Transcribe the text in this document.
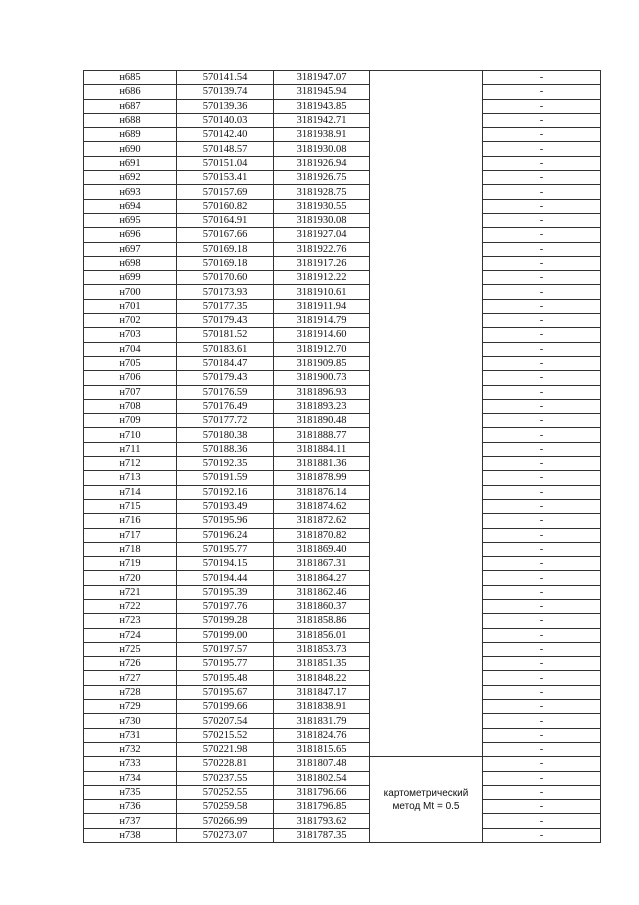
н685	570141.54	3181947.07		-
н686	570139.74	3181945.94		-
н687	570139.36	3181943.85		-
н688	570140.03	3181942.71		-
н689	570142.40	3181938.91		-
н690	570148.57	3181930.08		-
н691	570151.04	3181926.94		-
н692	570153.41	3181926.75		-
н693	570157.69	3181928.75		-
н694	570160.82	3181930.55		-
н695	570164.91	3181930.08		-
н696	570167.66	3181927.04		-
н697	570169.18	3181922.76		-
н698	570169.18	3181917.26		-
н699	570170.60	3181912.22		-
н700	570173.93	3181910.61		-
н701	570177.35	3181911.94		-
н702	570179.43	3181914.79		-
н703	570181.52	3181914.60		-
н704	570183.61	3181912.70		-
н705	570184.47	3181909.85		-
н706	570179.43	3181900.73		-
н707	570176.59	3181896.93		-
н708	570176.49	3181893.23		-
н709	570177.72	3181890.48		-
н710	570180.38	3181888.77		-
н711	570188.36	3181884.11		-
н712	570192.35	3181881.36		-
н713	570191.59	3181878.99		-
н714	570192.16	3181876.14		-
н715	570193.49	3181874.62		-
н716	570195.96	3181872.62		-
н717	570196.24	3181870.82		-
н718	570195.77	3181869.40		-
н719	570194.15	3181867.31		-
н720	570194.44	3181864.27		-
н721	570195.39	3181862.46		-
н722	570197.76	3181860.37		-
н723	570199.28	3181858.86		-
н724	570199.00	3181856.01		-
н725	570197.57	3181853.73		-
н726	570195.77	3181851.35		-
н727	570195.48	3181848.22		-
н728	570195.67	3181847.17		-
н729	570199.66	3181838.91		-
н730	570207.54	3181831.79		-
н731	570215.52	3181824.76		-
н732	570221.98	3181815.65		-
н733	570228.81	3181807.48	картометрический
метод Mt = 0.5	-
н734	570237.55	3181802.54		-
н735	570252.55	3181796.66		-
н736	570259.58	3181796.85		-
н737	570266.99	3181793.62		-
н738	570273.07	3181787.35		-
